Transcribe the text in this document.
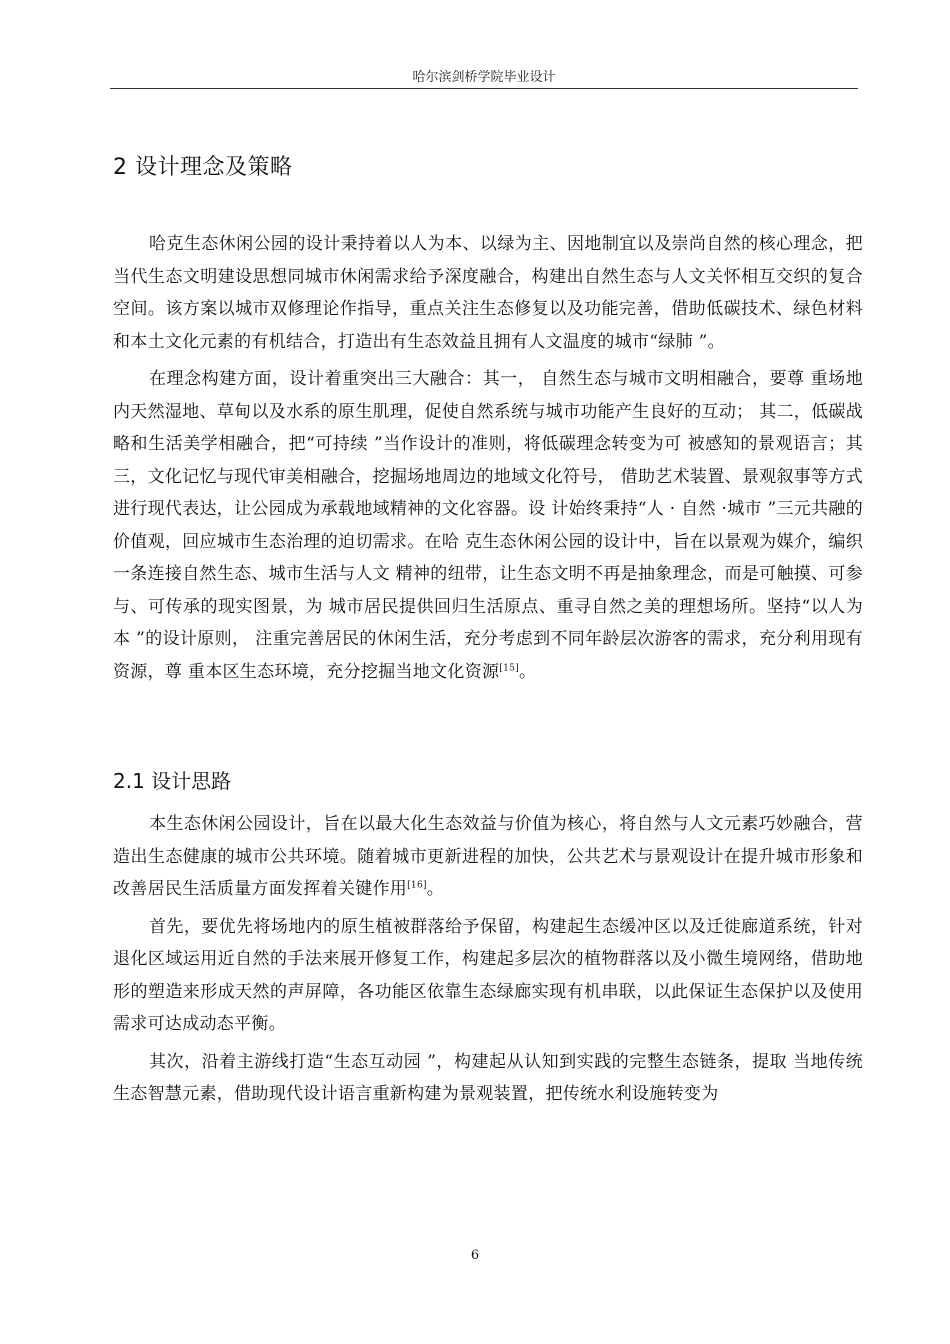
哈尔滨剑桥学院毕业设计
2 设计理念及策略

哈克生态休闲公园的设计秉持着以人为本、以绿为主、因地制宜以及崇尚自然的核心理念，把当代生态文明建设思想同城市休闲需求给予深度融合，构建出自然生态与人文关怀相互交织的复合空间。该方案以城市双修理论作指导，重点关注生态修复以及功能完善，借助低碳技术、绿色材料和本土文化元素的有机结合，打造出有生态效益且拥有人文温度的城市“绿肺 ”。

在理念构建方面，设计着重突出三大融合：其一， 自然生态与城市文明相融合，要尊 重场地内天然湿地、草甸以及水系的原生肌理，促使自然系统与城市功能产生良好的互动； 其二，低碳战略和生活美学相融合，把“可持续 ”当作设计的准则，将低碳理念转变为可 被感知的景观语言；其三，文化记忆与现代审美相融合，挖掘场地周边的地域文化符号， 借助艺术装置、景观叙事等方式进行现代表达，让公园成为承载地域精神的文化容器。设 计始终秉持“人 · 自然 ·城市 ”三元共融的价值观，回应城市生态治理的迫切需求。在哈 克生态休闲公园的设计中，旨在以景观为媒介，编织一条连接自然生态、城市生活与人文 精神的纽带，让生态文明不再是抽象理念，而是可触摸、可参与、可传承的现实图景，为 城市居民提供回归生活原点、重寻自然之美的理想场所。坚持“以人为本 ”的设计原则， 注重完善居民的休闲生活，充分考虑到不同年龄层次游客的需求，充分利用现有资源，尊 重本区生态环境，充分挖掘当地文化资源[15]。

2.1 设计思路

本生态休闲公园设计，旨在以最大化生态效益与价值为核心，将自然与人文元素巧妙融合，营造出生态健康的城市公共环境。随着城市更新进程的加快，公共艺术与景观设计在提升城市形象和改善居民生活质量方面发挥着关键作用[16]。

首先，要优先将场地内的原生植被群落给予保留，构建起生态缓冲区以及迁徙廊道系统，针对退化区域运用近自然的手法来展开修复工作，构建起多层次的植物群落以及小微生境网络，借助地形的塑造来形成天然的声屏障，各功能区依靠生态绿廊实现有机串联，以此保证生态保护以及使用需求可达成动态平衡。

其次，沿着主游线打造“生态互动园 ”，构建起从认知到实践的完整生态链条，提取 当地传统生态智慧元素，借助现代设计语言重新构建为景观装置，把传统水利设施转变为

6
